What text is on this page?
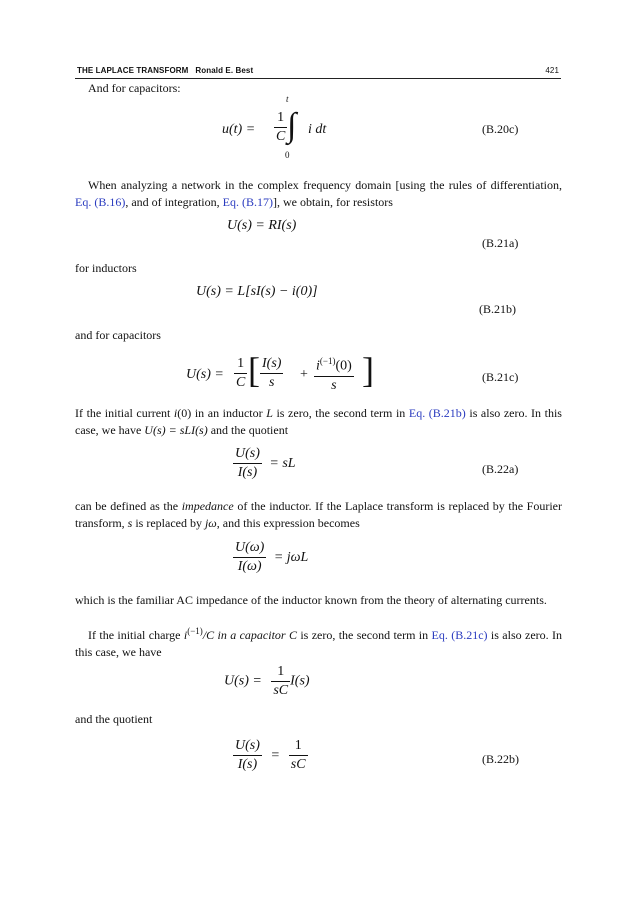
THE LAPLACE TRANSFORM   Ronald E. Best	421
And for capacitors:
$u(t) = \frac{1}{C}$ ∫
t
0
i dt	(B.20c)
When analyzing a network in the complex frequency domain [using the rules of differentiation, Eq. (B.16), and of integration, Eq. (B.17)], we obtain, for resistors
U(s) = RI(s)
(B.21a)
for inductors
U(s) = L[sI(s) − i(0)]
(B.21b)
and for capacitors
$U(s) = \frac{1}{C}$ [ $\frac{I(s)}{s} + \frac{i^{(-1)}(0)}{s}$ ]	(B.21c)
If the initial current i(0) in an inductor L is zero, the second term in Eq. (B.21b) is also zero. In this case, we have U(s) = sLI(s) and the quotient
$\frac{U(s)}{I(s)}$ = sL	(B.22a)
can be defined as the impedance of the inductor. If the Laplace transform is replaced by the Fourier transform, s is replaced by jω, and this expression becomes
$\frac{U(\omega)}{I(\omega)} = j\omega L$
which is the familiar AC impedance of the inductor known from the theory of alternating currents.
If the initial charge $i^{(-1)}/C$ in a capacitor C is zero, the second term in Eq. (B.21c) is also zero. In this case, we have
$U(s) = \frac{1}{sC} I(s)$
and the quotient
$\frac{U(s)}{I(s)} = \frac{1}{sC}$	(B.22b)
